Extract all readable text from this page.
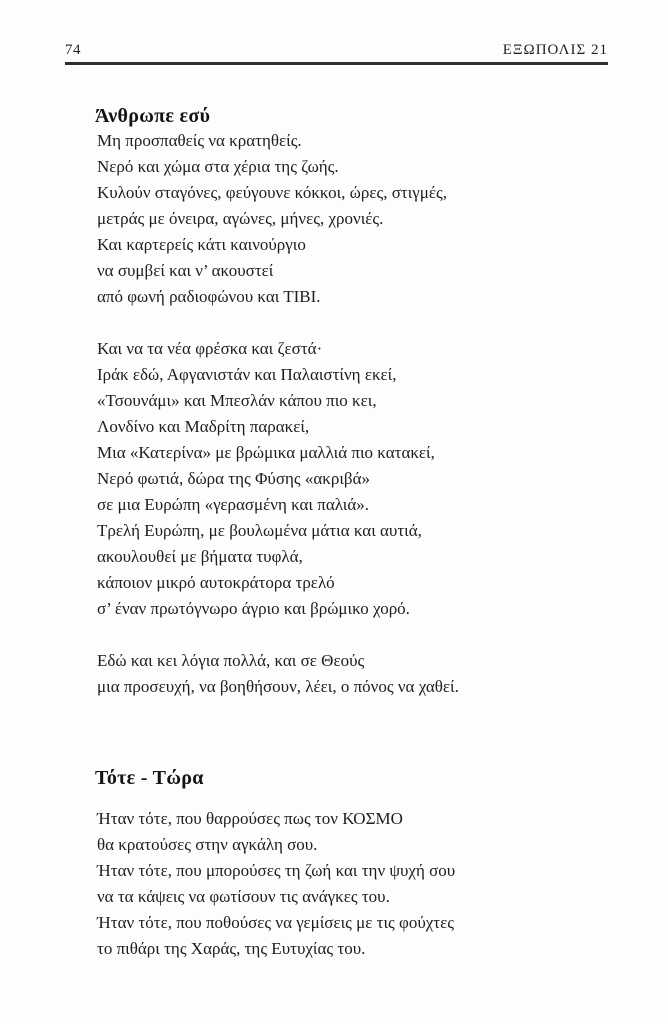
74	ΕΞΩΠΟΛΙΣ 21
Άνθρωπε εσύ
Μη προσπαθείς να κρατηθείς.
Νερό και χώμα στα χέρια της ζωής.
Κυλούν σταγόνες, φεύγουνε κόκκοι, ώρες, στιγμές,
μετράς με όνειρα, αγώνες, μήνες, χρονιές.
Και καρτερείς κάτι καινούργιο
να συμβεί και ν’ ακουστεί
από φωνή ραδιοφώνου και ΤΙΒΙ.
Και να τα νέα φρέσκα και ζεστά·
Ιράκ εδώ, Αφγανιστάν και Παλαιστίνη εκεί,
«Τσουνάμι» και Μπεσλάν κάπου πιο κει,
Λονδίνο και Μαδρίτη παρακεί,
Μια «Κατερίνα» με βρώμικα μαλλιά πιο κατακεί,
Νερό φωτιά, δώρα της Φύσης «ακριβά»
σε μια Ευρώπη «γερασμένη και παλιά».
Τρελή Ευρώπη, με βουλωμένα μάτια και αυτιά,
ακουλουθεί με βήματα τυφλά,
κάποιον μικρό αυτοκράτορα τρελό
σ’ έναν πρωτόγνωρο άγριο και βρώμικο χορό.
Εδώ και κει λόγια πολλά, και σε Θεούς
μια προσευχή, να βοηθήσουν, λέει, ο πόνος να χαθεί.
Τότε - Τώρα
Ήταν τότε, που θαρρούσες πως τον ΚΟΣΜΟ
θα κρατούσες στην αγκάλη σου.
Ήταν τότε, που μπορούσες τη ζωή και την ψυχή σου
να τα κάψεις να φωτίσουν τις ανάγκες του.
Ήταν τότε, που ποθούσες να γεμίσεις με τις φούχτες
το πιθάρι της Χαράς, της Ευτυχίας του.
